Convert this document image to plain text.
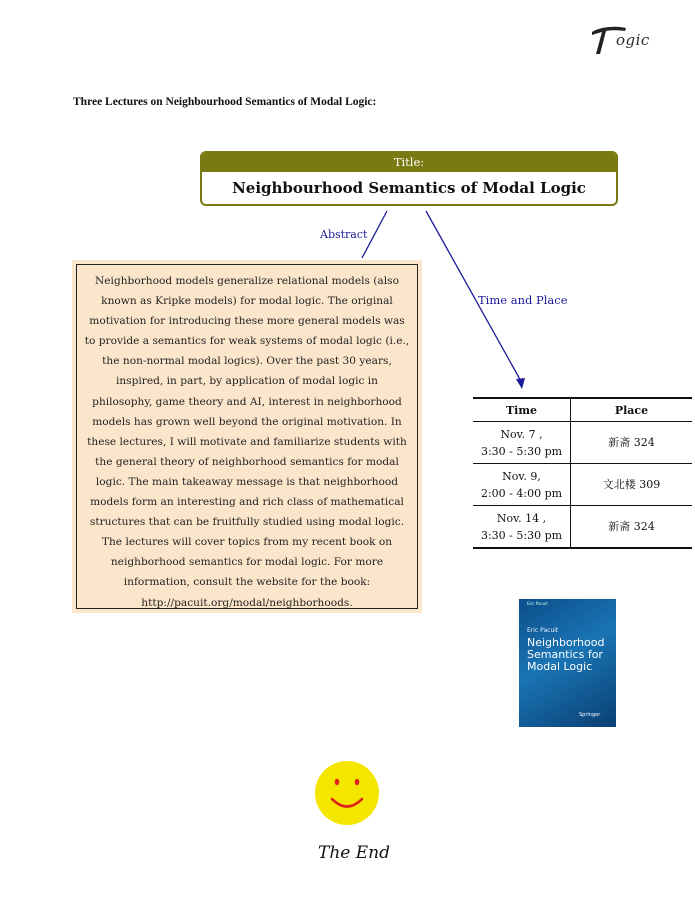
ogic
Three Lectures on Neighbourhood Semantics of Modal Logic:
Title:
Neighbourhood Semantics of Modal Logic
Abstract
Time and Place
Neighborhood models generalize relational models (also
known as Kripke models) for modal logic. The original
motivation for introducing these more general models was
to provide a semantics for weak systems of modal logic (i.e.,
the non-normal modal logics). Over the past 30 years,
inspired, in part, by application of modal logic in
philosophy, game theory and AI, interest in neighborhood
models has grown well beyond the original motivation. In
these lectures, I will motivate and familiarize students with
the general theory of neighborhood semantics for modal
logic. The main takeaway message is that neighborhood
models form an interesting and rich class of mathematical
structures that can be fruitfully studied using modal logic.
The lectures will cover topics from my recent book on
neighborhood semantics for modal logic. For more
information, consult the website for the book:
http://pacuit.org/modal/neighborhoods.
Time	Place

Nov. 7 ,
3:30 - 5:30 pm	新斋 324

Nov. 9,
2:00 - 4:00 pm	文北楼 309

Nov. 14 ,
3:30 - 5:30 pm	新斋 324
Eric Pacuit
Eric Pacuit
Neighborhood
Semantics for
Modal Logic
Springer
The End
